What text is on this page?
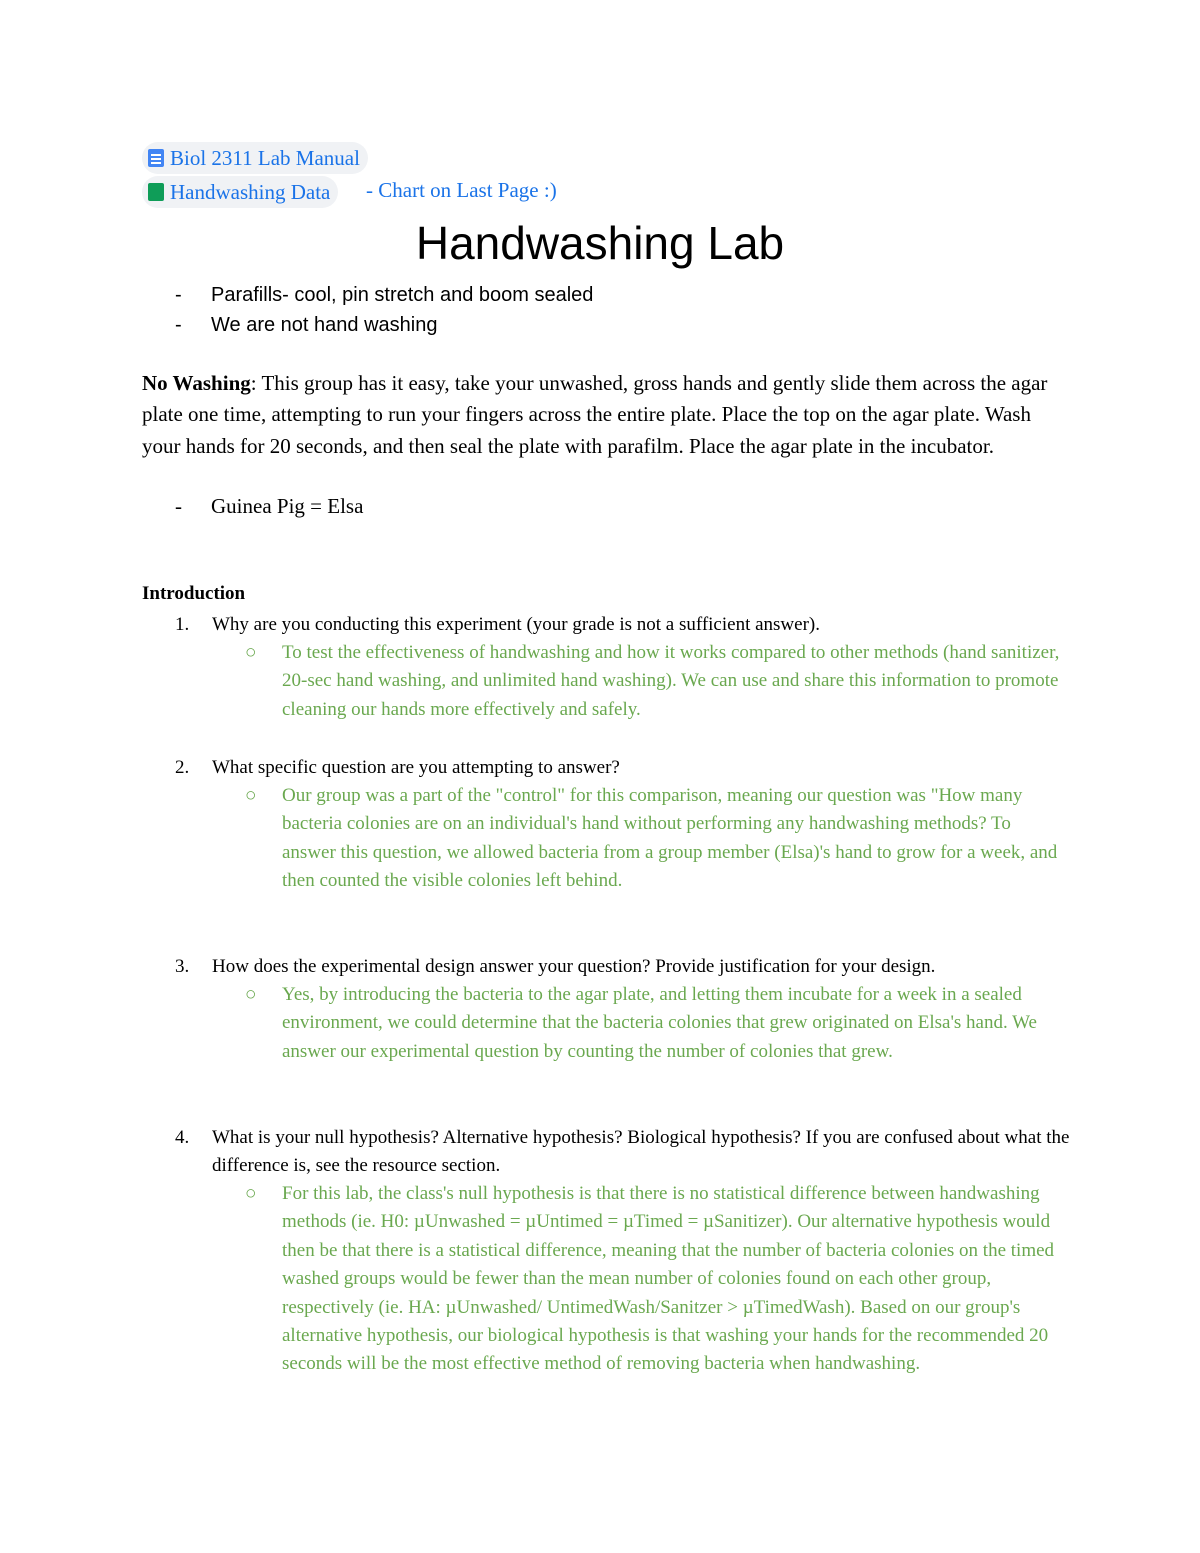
Biol 2311 Lab Manual
Handwashing Data - Chart on Last Page :)
Handwashing Lab
- Parafills- cool, pin stretch and boom sealed
- We are not hand washing
No Washing: This group has it easy, take your unwashed, gross hands and gently slide them across the agar plate one time, attempting to run your fingers across the entire plate. Place the top on the agar plate. Wash your hands for 20 seconds, and then seal the plate with parafilm. Place the agar plate in the incubator.
- Guinea Pig = Elsa
Introduction
1. Why are you conducting this experiment (your grade is not a sufficient answer).
○	To test the effectiveness of handwashing and how it works compared to other methods (hand sanitizer, 20-sec hand washing, and unlimited hand washing). We can use and share this information to promote cleaning our hands more effectively and safely.
2. What specific question are you attempting to answer?
○	Our group was a part of the "control" for this comparison, meaning our question was "How many bacteria colonies are on an individual's hand without performing any handwashing methods? To answer this question, we allowed bacteria from a group member (Elsa)'s hand to grow for a week, and then counted the visible colonies left behind.
3. How does the experimental design answer your question? Provide justification for your design.
○	Yes, by introducing the bacteria to the agar plate, and letting them incubate for a week in a sealed environment, we could determine that the bacteria colonies that grew originated on Elsa's hand. We answer our experimental question by counting the number of colonies that grew.
4. What is your null hypothesis? Alternative hypothesis? Biological hypothesis? If you are confused about what the difference is, see the resource section.
○	For this lab, the class's null hypothesis is that there is no statistical difference between handwashing methods (ie. H0: µUnwashed = µUntimed = µTimed = µSanitizer). Our alternative hypothesis would then be that there is a statistical difference, meaning that the number of bacteria colonies on the timed washed groups would be fewer than the mean number of colonies found on each other group, respectively (ie. HA: µUnwashed/ UntimedWash/Sanitzer > µTimedWash). Based on our group's alternative hypothesis, our biological hypothesis is that washing your hands for the recommended 20 seconds will be the most effective method of removing bacteria when handwashing.
